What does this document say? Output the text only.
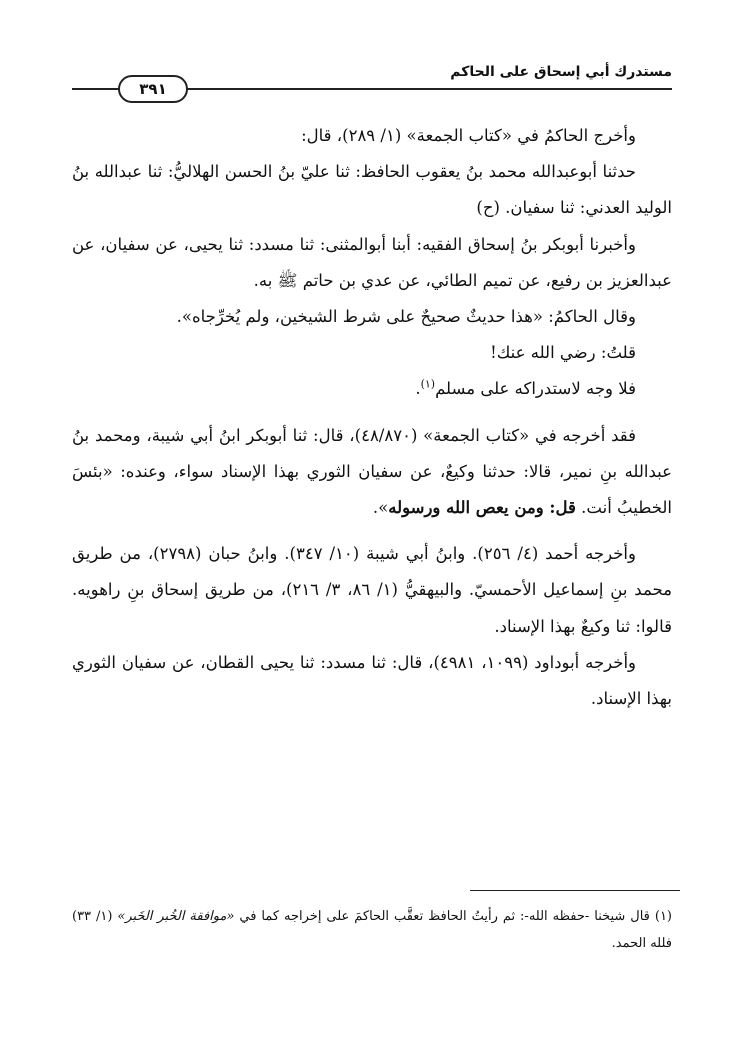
مستدرك أبي إسحاق على الحاكم
٣٩١

وأخرج الحاكمُ في «كتاب الجمعة» (١/ ٢٨٩)، قال:

حدثنا أبوعبدالله محمد بنُ يعقوب الحافظ: ثنا عليّ بنُ الحسن الهلاليُّ: ثنا عبدالله بنُ الوليد العدني: ثنا سفيان. (ح)

وأخبرنا أبوبكر بنُ إسحاق الفقيه: أبنا أبوالمثنى: ثنا مسدد: ثنا يحيى، عن سفيان، عن عبدالعزيز بن رفيع، عن تميم الطائي، عن عدي بن حاتم ﷺ به.

وقال الحاكمُ: «هذا حديثٌ صحيحٌ على شرط الشيخين، ولم يُخرِّجاه».

قلتُ: رضي الله عنك!

فلا وجه لاستدراكه على مسلم$^{(١)}$.

فقد أخرجه في «كتاب الجمعة» (٤٨/٨٧٠)، قال: ثنا أبوبكر ابنُ أبي شيبة، ومحمد بنُ عبدالله بنِ نمير، قالا: حدثنا وكيعٌ، عن سفيان الثوري بهذا الإسناد سواء، وعنده: «بئسَ الخطيبُ أنت. قل: ومن يعص الله ورسوله».

وأخرجه أحمد (٤/ ٢٥٦). وابنُ أبي شيبة (١٠/ ٣٤٧). وابنُ حبان (٢٧٩٨)، من طريق محمد بنِ إسماعيل الأحمسيّ. والبيهقيُّ (١/ ٨٦، ٣/ ٢١٦)، من طريق إسحاق بنِ راهويه. قالوا: ثنا وكيعٌ بهذا الإسناد.

وأخرجه أبوداود (١٠٩٩، ٤٩٨١)، قال: ثنا مسدد: ثنا يحيى القطان، عن سفيان الثوري بهذا الإسناد.

(١) قال شيخنا -حفظه الله-: ثم رأيتُ الحافظ تعقَّب الحاكمَ على إخراجه كما في «موافقة الخُبر الخَبر» (١/ ٣٣) فلله الحمد.
